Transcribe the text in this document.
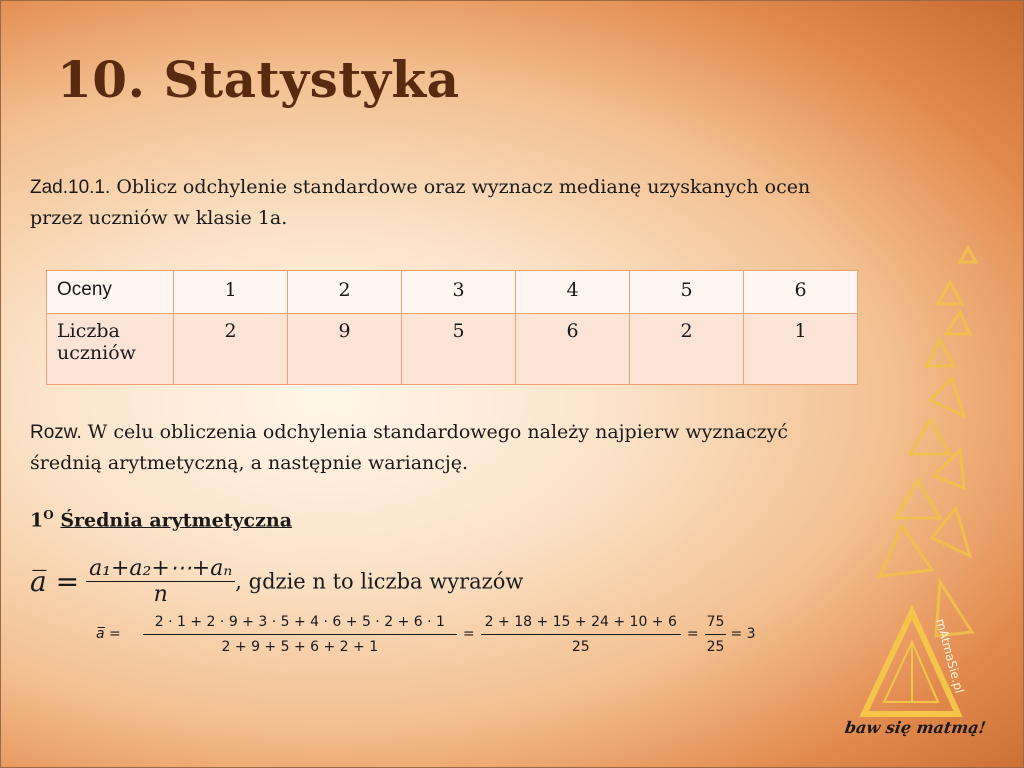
10. Statystyka
Zad.10.1. Oblicz odchylenie standardowe oraz wyznacz medianę uzyskanych ocen przez uczniów w klasie 1a.
Oceny	1	2	3	4	5	6
Liczba uczniów	2	9	5	6	2	1
Rozw. W celu obliczenia odchylenia standardowego należy najpierw wyznaczyć średnią arytmetyczną, a następnie wariancję.
$1^O$ Średnia arytmetyczna
a̅ = $\frac{\text{a₁+a₂+⋯+aₙ}}{n}$ , gdzie n to liczba wyrazów
a̅ = $\frac{2 \cdot 1 + 2 \cdot 9 + 3 \cdot 5 + 4 \cdot 6 + 5 \cdot 2 + 6 \cdot 1}{2 + 9 + 5 + 6 + 2 + 1} = \frac{2 + 18 + 15 + 24 + 10 + 6}{25} = \frac{75}{25} = 3$	mAtmaSie.pl
baw się matmą!
